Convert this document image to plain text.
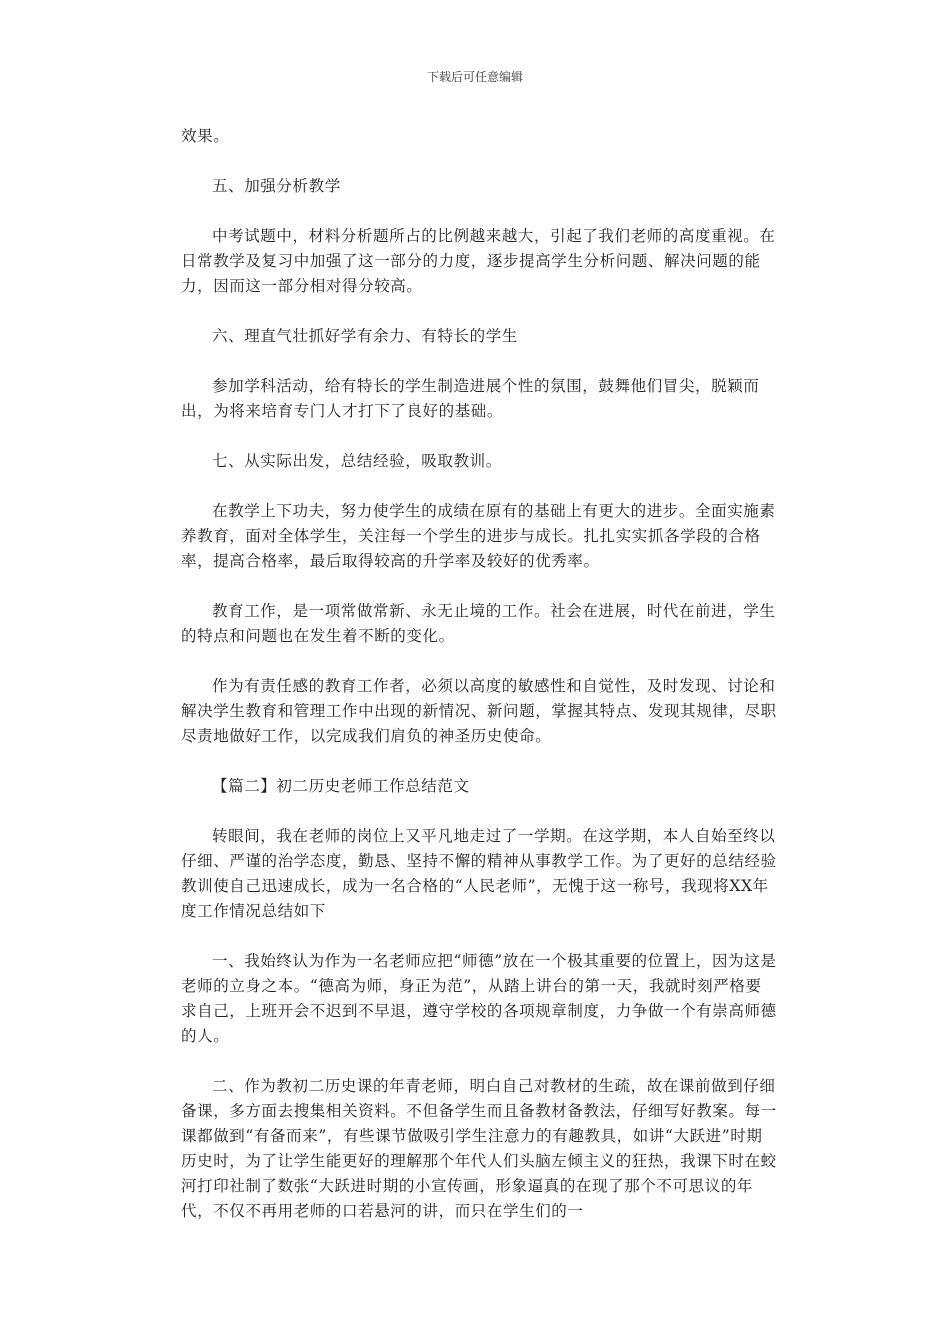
下载后可任意编辑

效果。

五、加强分析教学

中考试题中，材料分析题所占的比例越来越大，引起了我们老师的高度重视。在日常教学及复习中加强了这一部分的力度，逐步提高学生分析问题、解决问题的能力，因而这一部分相对得分较高。

六、理直气壮抓好学有余力、有特长的学生

参加学科活动，给有特长的学生制造进展个性的氛围，鼓舞他们冒尖，脱颖而出，为将来培育专门人才打下了良好的基础。

七、从实际出发，总结经验，吸取教训。

在教学上下功夫，努力使学生的成绩在原有的基础上有更大的进步。全面实施素养教育，面对全体学生，关注每一个学生的进步与成长。扎扎实实抓各学段的合格率，提高合格率，最后取得较高的升学率及较好的优秀率。

教育工作，是一项常做常新、永无止境的工作。社会在进展，时代在前进，学生的特点和问题也在发生着不断的变化。

作为有责任感的教育工作者，必须以高度的敏感性和自觉性，及时发现、讨论和解决学生教育和管理工作中出现的新情况、新问题，掌握其特点、发现其规律，尽职尽责地做好工作，以完成我们肩负的神圣历史使命。

【篇二】初二历史老师工作总结范文

转眼间，我在老师的岗位上又平凡地走过了一学期。在这学期，本人自始至终以仔细、严谨的治学态度，勤恳、坚持不懈的精神从事教学工作。为了更好的总结经验教训使自己迅速成长，成为一名合格的“人民老师”，无愧于这一称号，我现将XX年度工作情况总结如下

一、我始终认为作为一名老师应把“师德”放在一个极其重要的位置上，因为这是老师的立身之本。“德高为师，身正为范”，从踏上讲台的第一天，我就时刻严格要求自己，上班开会不迟到不早退，遵守学校的各项规章制度，力争做一个有崇高师德的人。

二、作为教初二历史课的年青老师，明白自己对教材的生疏，故在课前做到仔细备课，多方面去搜集相关资料。不但备学生而且备教材备教法，仔细写好教案。每一课都做到“有备而来”，有些课节做吸引学生注意力的有趣教具，如讲“大跃进”时期历史时，为了让学生能更好的理解那个年代人们头脑左倾主义的狂热，我课下时在蛟河打印社制了数张“大跃进时期的小宣传画，形象逼真的在现了那个不可思议的年代，不仅不再用老师的口若悬河的讲，而只在学生们的一
